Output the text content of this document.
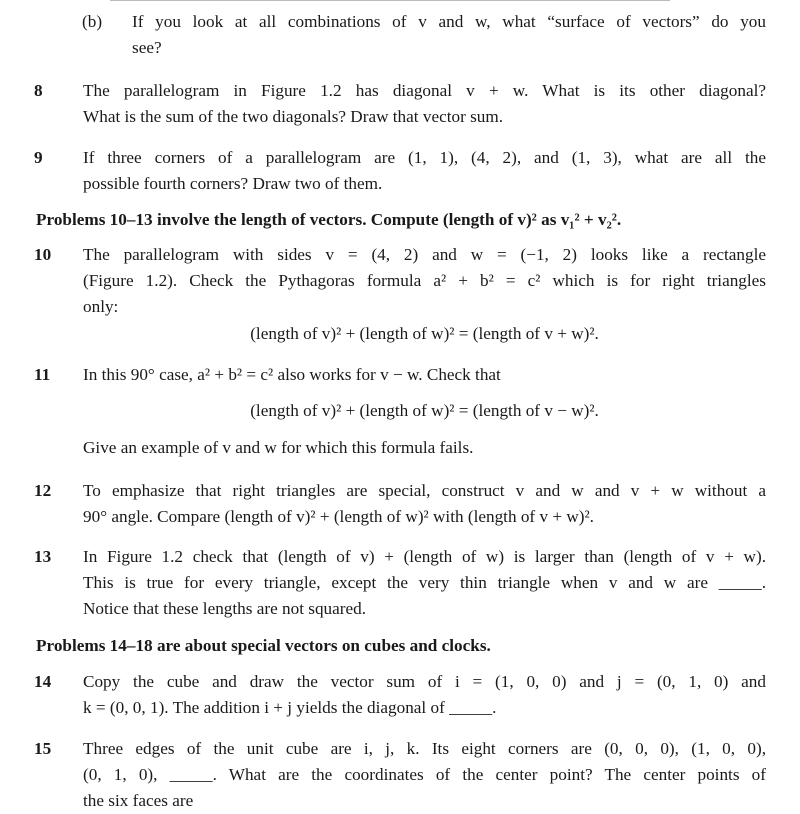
(b)	If you look at all combinations of v and w, what “surface of vectors” do you
see?
8	The parallelogram in Figure 1.2 has diagonal v + w. What is its other diagonal?
What is the sum of the two diagonals? Draw that vector sum.
9	If three corners of a parallelogram are (1, 1), (4, 2), and (1, 3), what are all the
possible fourth corners? Draw two of them.
Problems 10–13 involve the length of vectors. Compute (length of v)² as v₁² + v₂².
10	The parallelogram with sides v = (4, 2) and w = (−1, 2) looks like a rectangle
(Figure 1.2). Check the Pythagoras formula a² + b² = c² which is for right triangles
only:
(length of v)² + (length of w)² = (length of v + w)².
11	In this 90° case, a² + b² = c² also works for v − w. Check that
(length of v)² + (length of w)² = (length of v − w)².
Give an example of v and w for which this formula fails.
12	To emphasize that right triangles are special, construct v and w and v + w without a
90° angle. Compare (length of v)² + (length of w)² with (length of v + w)².
13	In Figure 1.2 check that (length of v) + (length of w) is larger than (length of v + w).
This is true for every triangle, except the very thin triangle when v and w are _____.
Notice that these lengths are not squared.
Problems 14–18 are about special vectors on cubes and clocks.
14	Copy the cube and draw the vector sum of i = (1, 0, 0) and j = (0, 1, 0) and
k = (0, 0, 1). The addition i + j yields the diagonal of _____.
15	Three edges of the unit cube are i, j, k. Its eight corners are (0, 0, 0), (1, 0, 0),
(0, 1, 0), _____. What are the coordinates of the center point? The center points of
the six faces are
